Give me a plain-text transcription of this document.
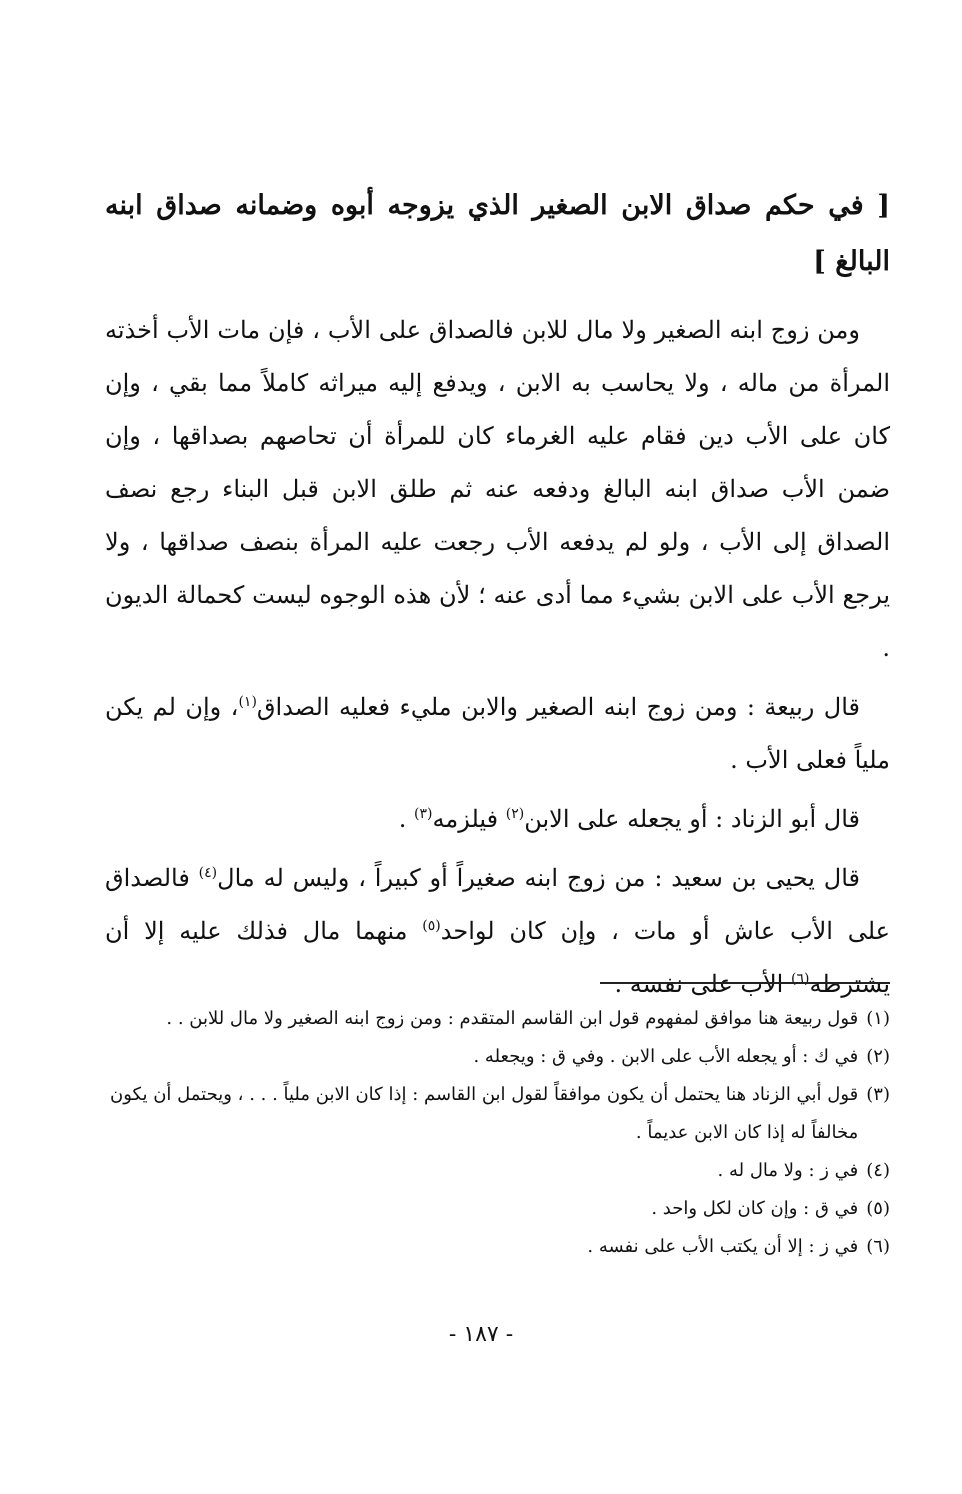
[ في حكم صداق الابن الصغير الذي يزوجه أبوه وضمانه صداق ابنه البالغ ]

ومن زوج ابنه الصغير ولا مال للابن فالصداق على الأب ، فإن مات الأب أخذته المرأة من ماله ، ولا يحاسب به الابن ، ويدفع إليه ميراثه كاملاً مما بقي ، وإن كان على الأب دين فقام عليه الغرماء كان للمرأة أن تحاصهم بصداقها ، وإن ضمن الأب صداق ابنه البالغ ودفعه عنه ثم طلق الابن قبل البناء رجع نصف الصداق إلى الأب ، ولو لم يدفعه الأب رجعت عليه المرأة بنصف صداقها ، ولا يرجع الأب على الابن بشيء مما أدى عنه ؛ لأن هذه الوجوه ليست كحمالة الديون .

قال ربيعة : ومن زوج ابنه الصغير والابن مليء فعليه الصداق$^{(١)}$، وإن لم يكن ملياً فعلى الأب .

قال أبو الزناد : أو يجعله على الابن$^{(٢)}$ فيلزمه$^{(٣)}$ .

قال يحيى بن سعيد : من زوج ابنه صغيراً أو كبيراً ، وليس له مال$^{(٤)}$ فالصداق على الأب عاش أو مات ، وإن كان لواحد$^{(٥)}$ منهما مال فذلك عليه إلا أن يشترطه$^{(٦)}$ الأب على نفسه .

(١)
قول ربيعة هنا موافق لمفهوم قول ابن القاسم المتقدم : ومن زوج ابنه الصغير ولا مال للابن . .

(٢)
في ك : أو يجعله الأب على الابن . وفي ق : ويجعله .

(٣)
قول أبي الزناد هنا يحتمل أن يكون موافقاً لقول ابن القاسم : إذا كان الابن ملياً . . . ، ويحتمل أن يكون مخالفاً له إذا كان الابن عديماً .

(٤)
في ز : ولا مال له .

(٥)
في ق : وإن كان لكل واحد .

(٦)
في ز : إلا أن يكتب الأب على نفسه .

- ١٨٧ -
